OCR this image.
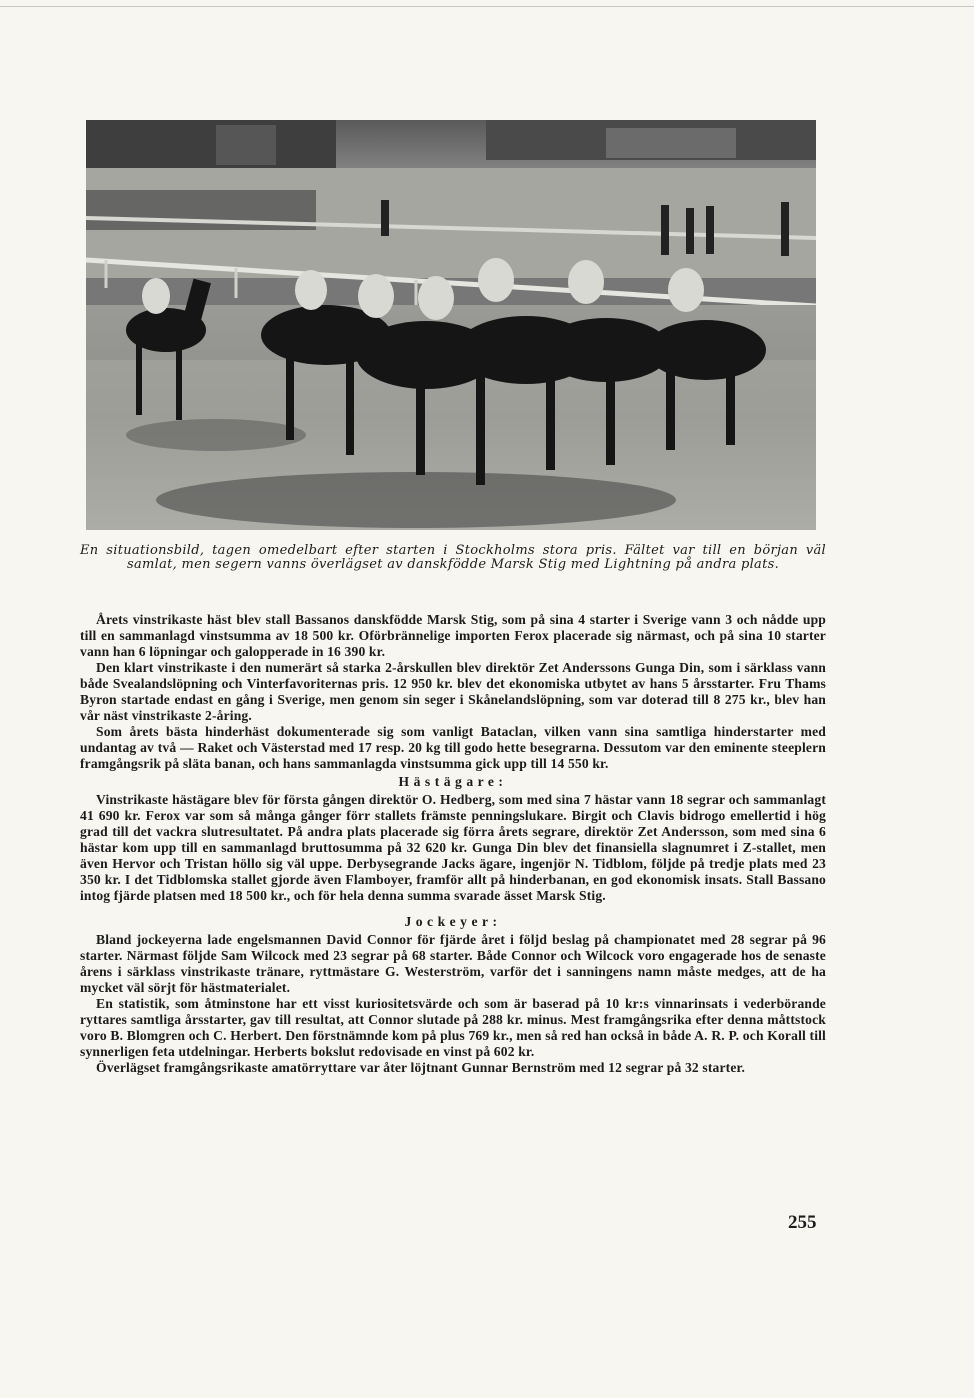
En situationsbild, tagen omedelbart efter starten i Stockholms stora pris. Fältet var till en början väl samlat, men segern vanns överlägset av danskfödde Marsk Stig med Lightning på andra plats.

Årets vinstrikaste häst blev stall Bassanos danskfödde Marsk Stig, som på sina 4 starter i Sverige vann 3 och nådde upp till en sammanlagd vinstsumma av 18 500 kr. Oförbrännelige importen Ferox placerade sig närmast, och på sina 10 starter vann han 6 löpningar och galopperade in 16 390 kr.

Den klart vinstrikaste i den numerärt så starka 2-årskullen blev direktör Zet Anderssons Gunga Din, som i särklass vann både Svealandslöpning och Vinterfavoriternas pris. 12 950 kr. blev det ekonomiska utbytet av hans 5 årsstarter. Fru Thams Byron startade endast en gång i Sverige, men genom sin seger i Skånelandslöpning, som var doterad till 8 275 kr., blev han vår näst vinstrikaste 2-åring.

Som årets bästa hinderhäst dokumenterade sig som vanligt Bataclan, vilken vann sina samtliga hinderstarter med undantag av två — Raket och Västerstad med 17 resp. 20 kg till godo hette besegrarna. Dessutom var den eminente steeplern framgångsrik på släta banan, och hans sammanlagda vinstsumma gick upp till 14 550 kr.

Hästägare:

Vinstrikaste hästägare blev för första gången direktör O. Hedberg, som med sina 7 hästar vann 18 segrar och sammanlagt 41 690 kr. Ferox var som så många gånger förr stallets främste penningslukare. Birgit och Clavis bidrogo emellertid i hög grad till det vackra slutresultatet. På andra plats placerade sig förra årets segrare, direktör Zet Andersson, som med sina 6 hästar kom upp till en sammanlagd bruttosumma på 32 620 kr. Gunga Din blev det finansiella slagnumret i Z-stallet, men även Hervor och Tristan höllo sig väl uppe. Derbysegrande Jacks ägare, ingenjör N. Tidblom, följde på tredje plats med 23 350 kr. I det Tidblomska stallet gjorde även Flamboyer, framför allt på hinderbanan, en god ekonomisk insats. Stall Bassano intog fjärde platsen med 18 500 kr., och för hela denna summa svarade ässet Marsk Stig.

Jockeyer:

Bland jockeyerna lade engelsmannen David Connor för fjärde året i följd beslag på championatet med 28 segrar på 96 starter. Närmast följde Sam Wilcock med 23 segrar på 68 starter. Både Connor och Wilcock voro engagerade hos de senaste årens i särklass vinstrikaste tränare, ryttmästare G. Westerström, varför det i sanningens namn måste medges, att de ha mycket väl sörjt för hästmaterialet.

En statistik, som åtminstone har ett visst kuriositetsvärde och som är baserad på 10 kr:s vinnarinsats i vederbörande ryttares samtliga årsstarter, gav till resultat, att Connor slutade på 288 kr. minus. Mest framgångsrika efter denna måttstock voro B. Blomgren och C. Herbert. Den förstnämnde kom på plus 769 kr., men så red han också in både A. R. P. och Korall till synnerligen feta utdelningar. Herberts bokslut redovisade en vinst på 602 kr.

Överlägset framgångsrikaste amatörryttare var åter löjtnant Gunnar Bernström med 12 segrar på 32 starter.

255
